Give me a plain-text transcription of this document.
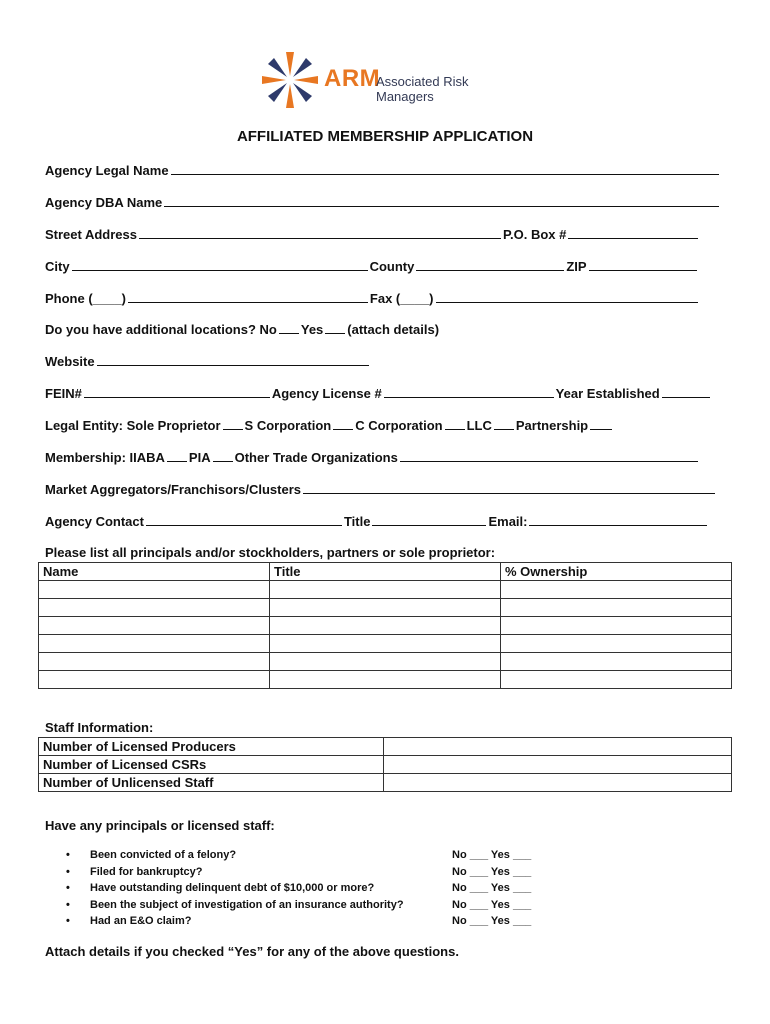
ARM
Associated Risk Managers
AFFILIATED MEMBERSHIP APPLICATION
Agency Legal Name
Agency DBA Name
Street Address	P.O. Box #
City	County	ZIP
Phone (____)	Fax (____)
Do you have additional locations? No Yes (attach details)
Website
FEIN#	Agency License #	Year Established
Legal Entity: Sole Proprietor S Corporation C Corporation LLC Partnership
Membership: IIABA PIA Other Trade Organizations
Market Aggregators/Franchisors/Clusters
Agency Contact	Title	Email:
Please list all principals and/or stockholders, partners or sole proprietor:
Name	Title	% Ownership

Staff Information:
Number of Licensed Producers	
Number of Licensed CSRs	
Number of Unlicensed Staff	
Have any principals or licensed staff:
• Been convicted of a felony?	No ___ Yes ___
• Filed for bankruptcy?	No ___ Yes ___
• Have outstanding delinquent debt of $10,000 or more?	No ___ Yes ___
• Been the subject of investigation of an insurance authority?	No ___ Yes ___
• Had an E&O claim?	No ___ Yes ___
Attach details if you checked “Yes” for any of the above questions.
